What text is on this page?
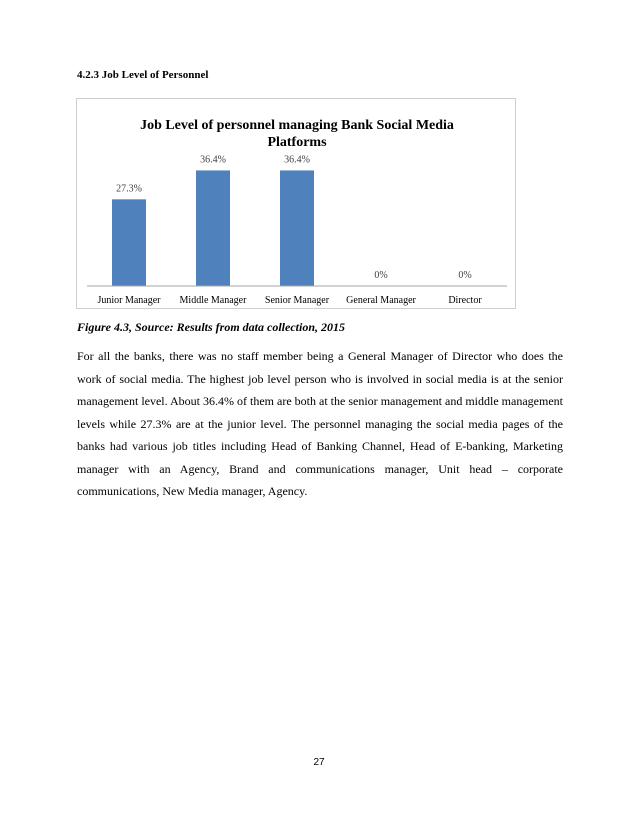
4.2.3 Job Level of Personnel
Job Level of personnel managing Bank Social Media
Platforms
27.3%
Junior Manager
36.4%
Middle Manager
36.4%
Senior Manager
0%
General Manager
0%
Director
Figure 4.3, Source: Results from data collection, 2015

For all the banks, there was no staff member being a General Manager of Director who does the work of social media. The highest job level person who is involved in social media is at the senior management level. About 36.4% of them are both at the senior management and middle management levels while 27.3% are at the junior level. The personnel managing the social media pages of the banks had various job titles including Head of Banking Channel, Head of E-banking, Marketing manager with an Agency, Brand and communications manager, Unit head – corporate communications, New Media manager, Agency.

27
